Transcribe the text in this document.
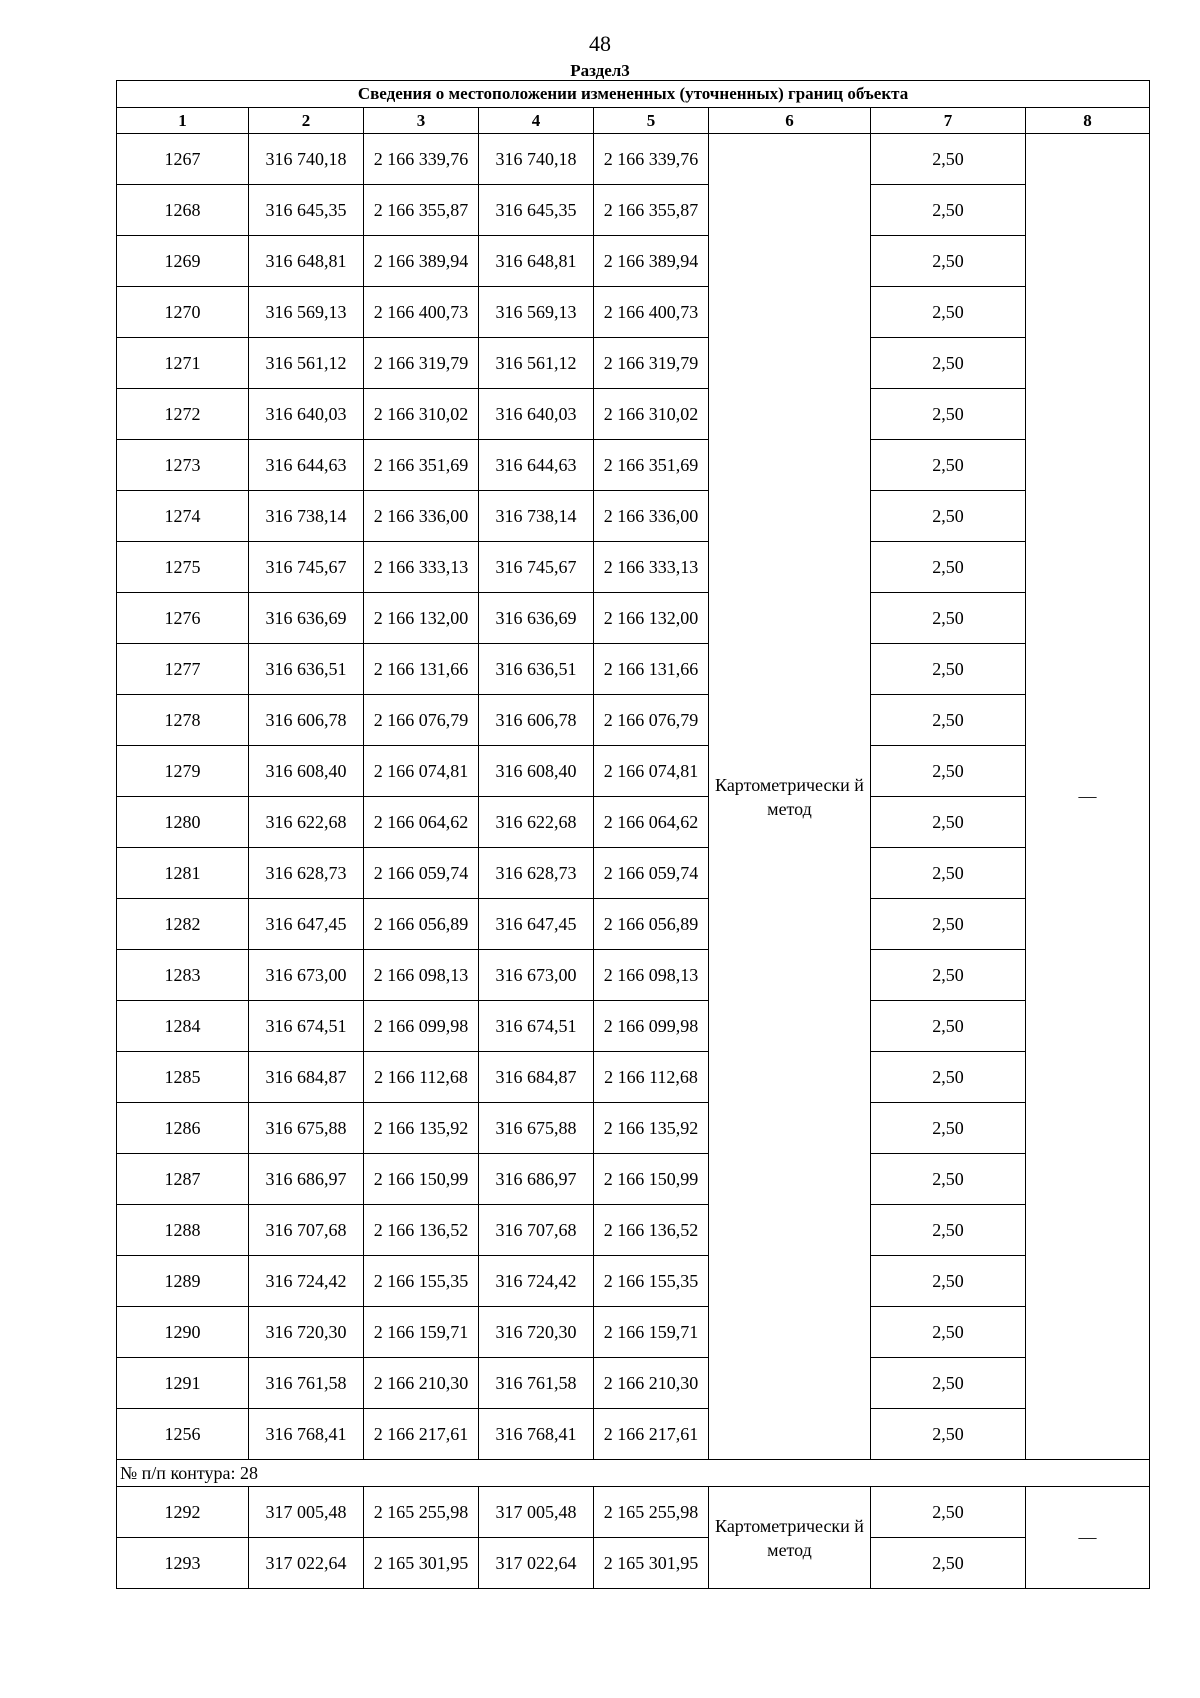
48
Раздел3
Сведения о местоположении измененных (уточненных) границ объекта							
1	2	3	4	5	6	7	8
1267	316 740,18	2 166 339,76	316 740,18	2 166 339,76	Картометрически й метод	2,50	—
1268	316 645,35	2 166 355,87	316 645,35	2 166 355,87		2,50	
1269	316 648,81	2 166 389,94	316 648,81	2 166 389,94		2,50	
1270	316 569,13	2 166 400,73	316 569,13	2 166 400,73		2,50	
1271	316 561,12	2 166 319,79	316 561,12	2 166 319,79		2,50	
1272	316 640,03	2 166 310,02	316 640,03	2 166 310,02		2,50	
1273	316 644,63	2 166 351,69	316 644,63	2 166 351,69		2,50	
1274	316 738,14	2 166 336,00	316 738,14	2 166 336,00		2,50	
1275	316 745,67	2 166 333,13	316 745,67	2 166 333,13		2,50	
1276	316 636,69	2 166 132,00	316 636,69	2 166 132,00		2,50	
1277	316 636,51	2 166 131,66	316 636,51	2 166 131,66		2,50	
1278	316 606,78	2 166 076,79	316 606,78	2 166 076,79		2,50	
1279	316 608,40	2 166 074,81	316 608,40	2 166 074,81		2,50	
1280	316 622,68	2 166 064,62	316 622,68	2 166 064,62		2,50	
1281	316 628,73	2 166 059,74	316 628,73	2 166 059,74		2,50	
1282	316 647,45	2 166 056,89	316 647,45	2 166 056,89		2,50	
1283	316 673,00	2 166 098,13	316 673,00	2 166 098,13		2,50	
1284	316 674,51	2 166 099,98	316 674,51	2 166 099,98		2,50	
1285	316 684,87	2 166 112,68	316 684,87	2 166 112,68		2,50	
1286	316 675,88	2 166 135,92	316 675,88	2 166 135,92		2,50	
1287	316 686,97	2 166 150,99	316 686,97	2 166 150,99		2,50	
1288	316 707,68	2 166 136,52	316 707,68	2 166 136,52		2,50	
1289	316 724,42	2 166 155,35	316 724,42	2 166 155,35		2,50	
1290	316 720,30	2 166 159,71	316 720,30	2 166 159,71		2,50	
1291	316 761,58	2 166 210,30	316 761,58	2 166 210,30		2,50	
1256	316 768,41	2 166 217,61	316 768,41	2 166 217,61		2,50	
№ п/п контура: 28							
1292	317 005,48	2 165 255,98	317 005,48	2 165 255,98	Картометрически й метод	2,50	—
1293	317 022,64	2 165 301,95	317 022,64	2 165 301,95		2,50	
